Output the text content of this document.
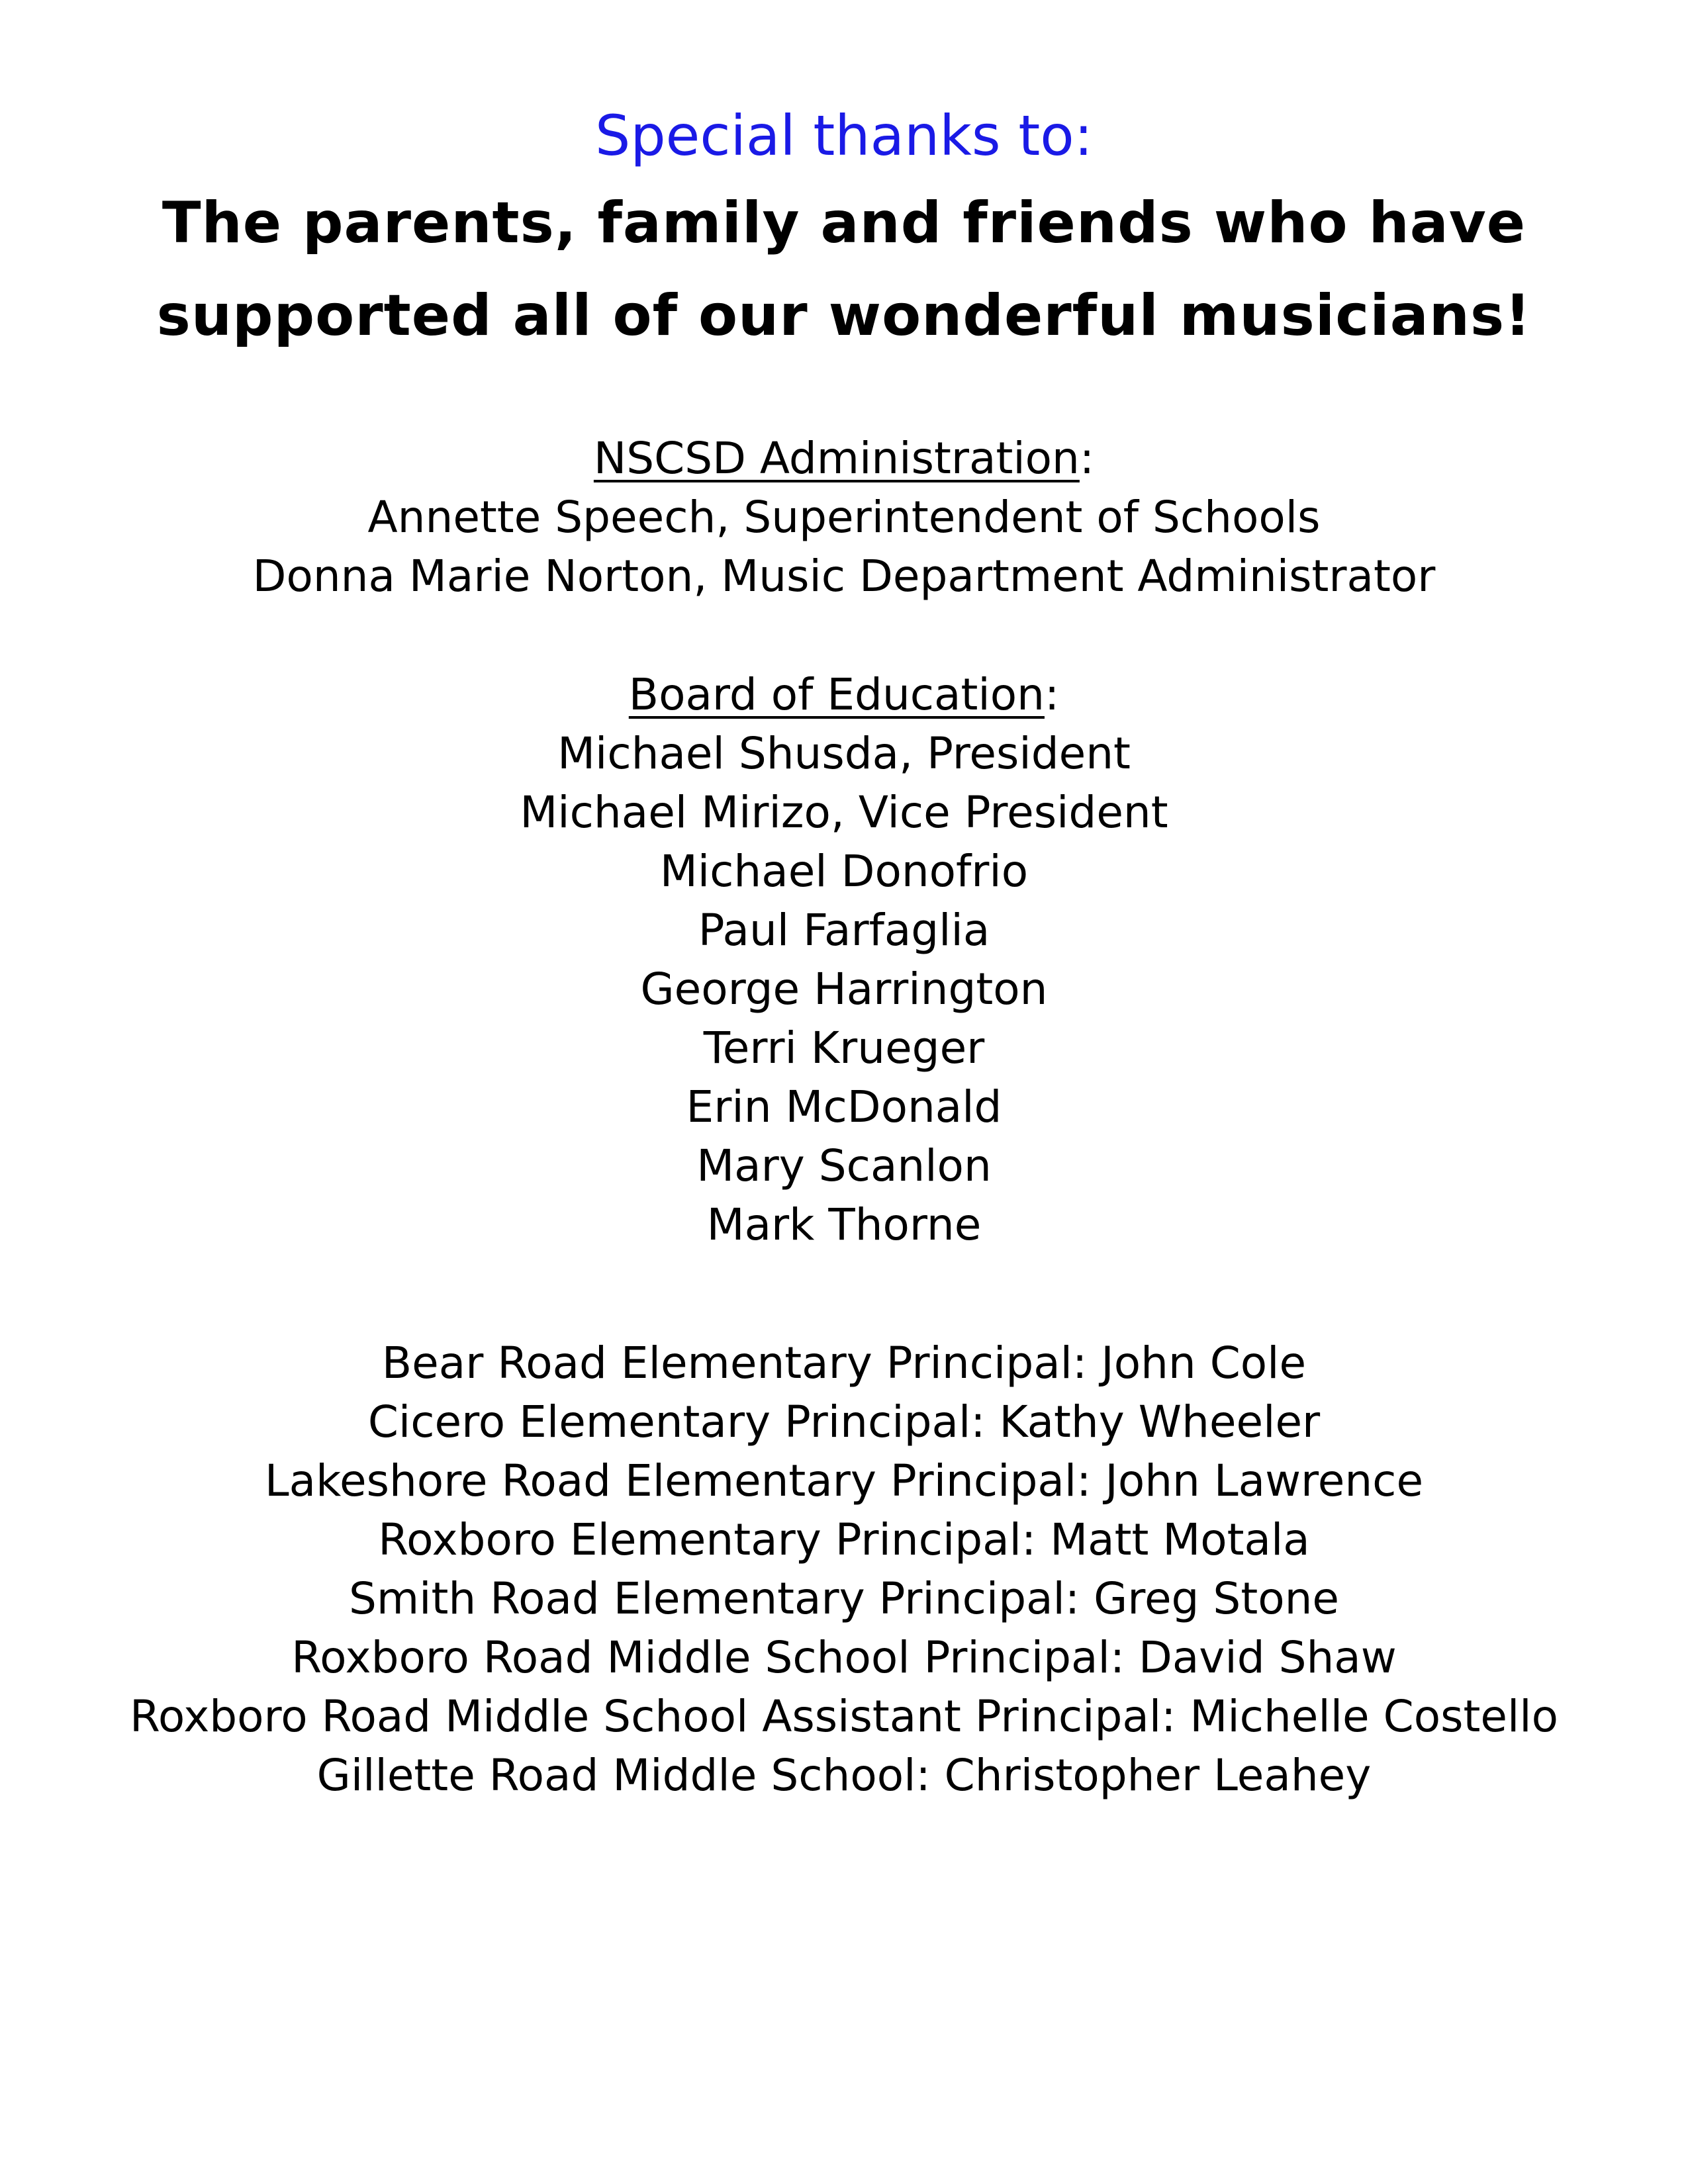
Special thanks to:
The parents, family and friends who have
supported all of our wonderful musicians!
NSCSD Administration:
Annette Speech, Superintendent of Schools
Donna Marie Norton, Music Department Administrator
Board of Education:
Michael Shusda, President
Michael Mirizo, Vice President
Michael Donofrio
Paul Farfaglia
George Harrington
Terri Krueger
Erin McDonald
Mary Scanlon
Mark Thorne
Bear Road Elementary Principal: John Cole
Cicero Elementary Principal: Kathy Wheeler
Lakeshore Road Elementary Principal: John Lawrence
Roxboro Elementary Principal: Matt Motala
Smith Road Elementary Principal: Greg Stone
Roxboro Road Middle School Principal: David Shaw
Roxboro Road Middle School Assistant Principal: Michelle Costello
Gillette Road Middle School: Christopher Leahey
